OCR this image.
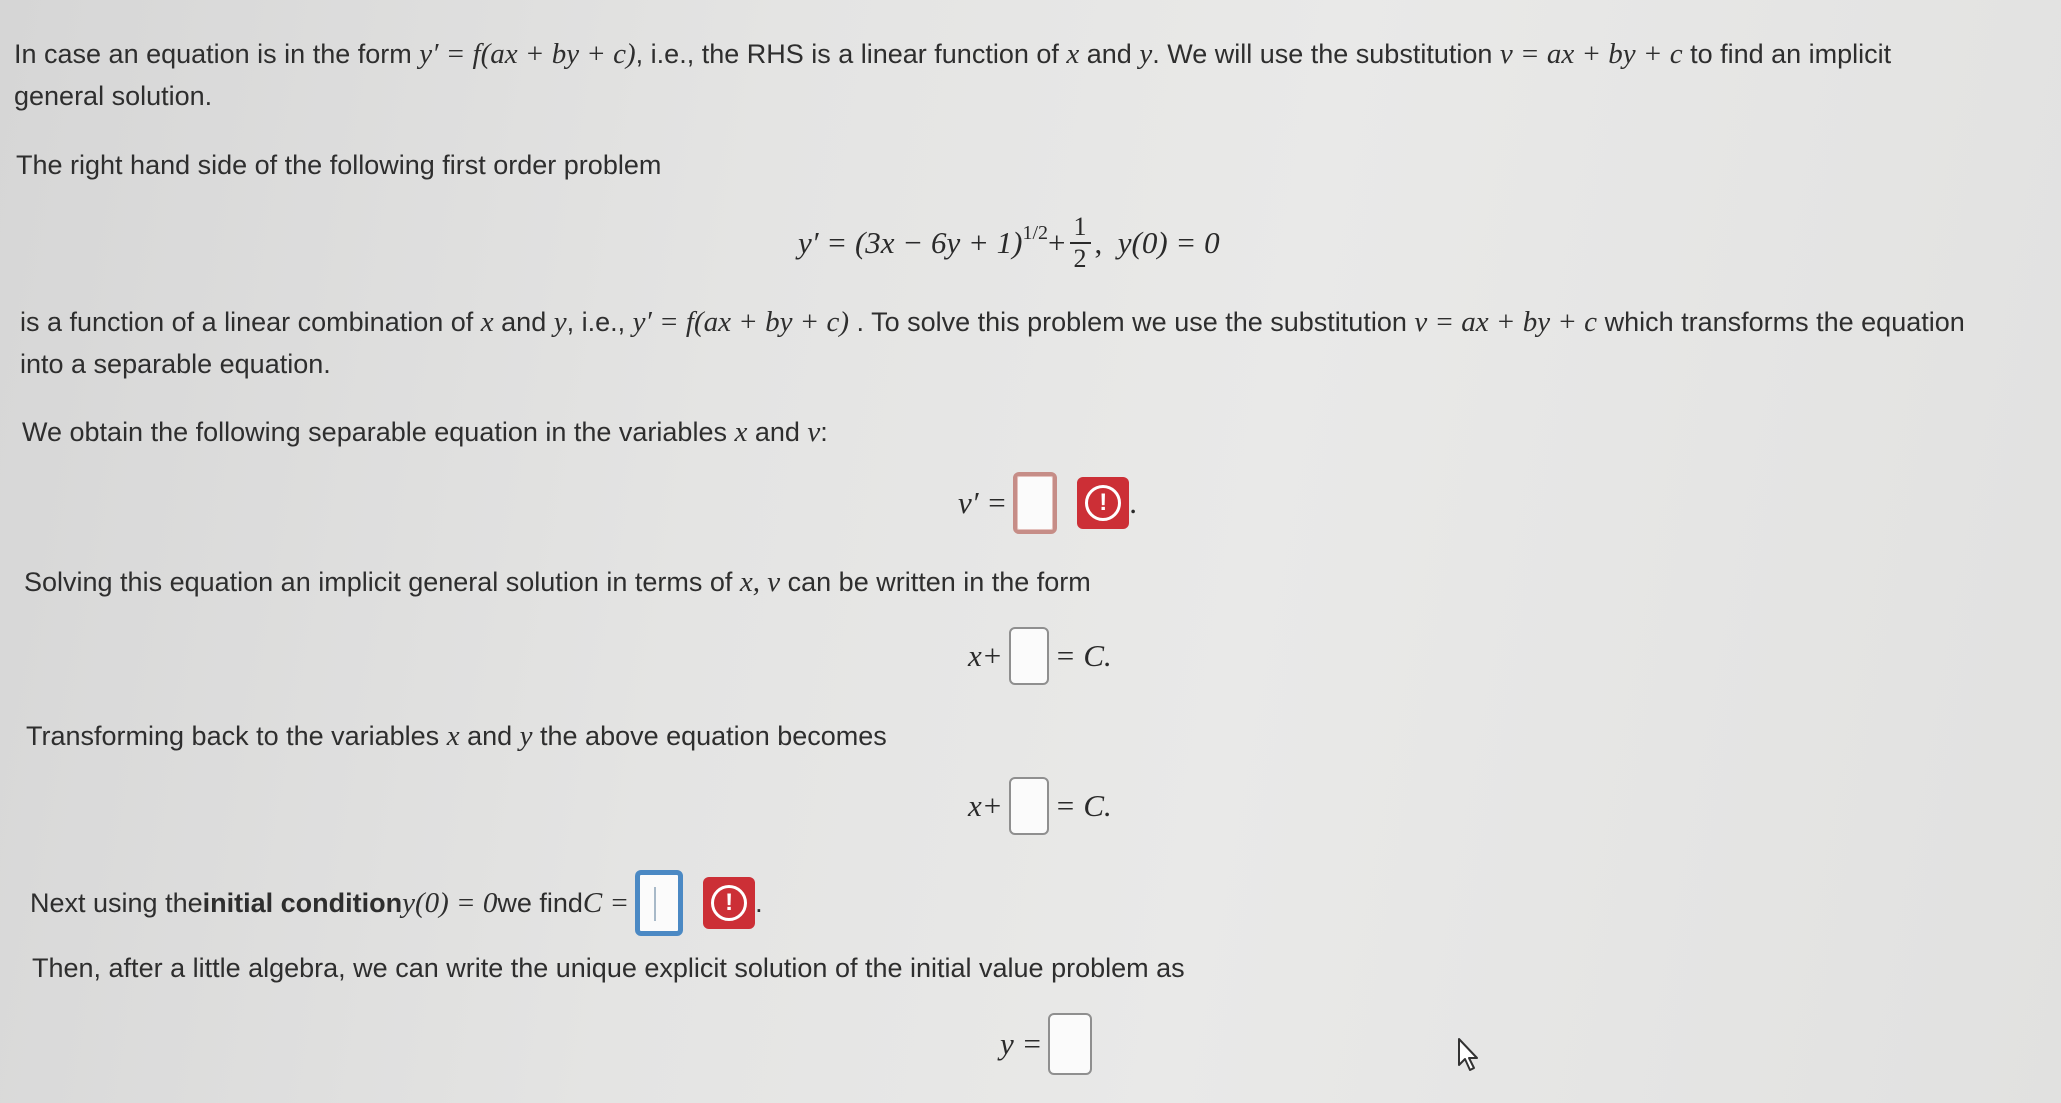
In case an equation is in the form y′ = f(ax + by + c), i.e., the RHS is a linear function of x and y. We will use the substitution v = ax + by + c to find an implicit
general solution.
The right hand side of the following first order problem
$y' = (3x - 6y + 1)^{1/2} + \frac{1}{2}$ ,
y(0) = 0
is a function of a linear combination of x and y, i.e., y′ = f(ax + by + c) . To solve this problem we use the substitution v = ax + by + c which transforms the equation
into a separable equation.
We obtain the following separable equation in the variables x and v:
v′ =	! .
Solving this equation an implicit general solution in terms of x, v can be written in the form
x+ = C.
Transforming back to the variables x and y the above equation becomes
x+ = C.
Next using the initial condition y(0) = 0 we find C =	! .
Then, after a little algebra, we can write the unique explicit solution of the initial value problem as
y =
